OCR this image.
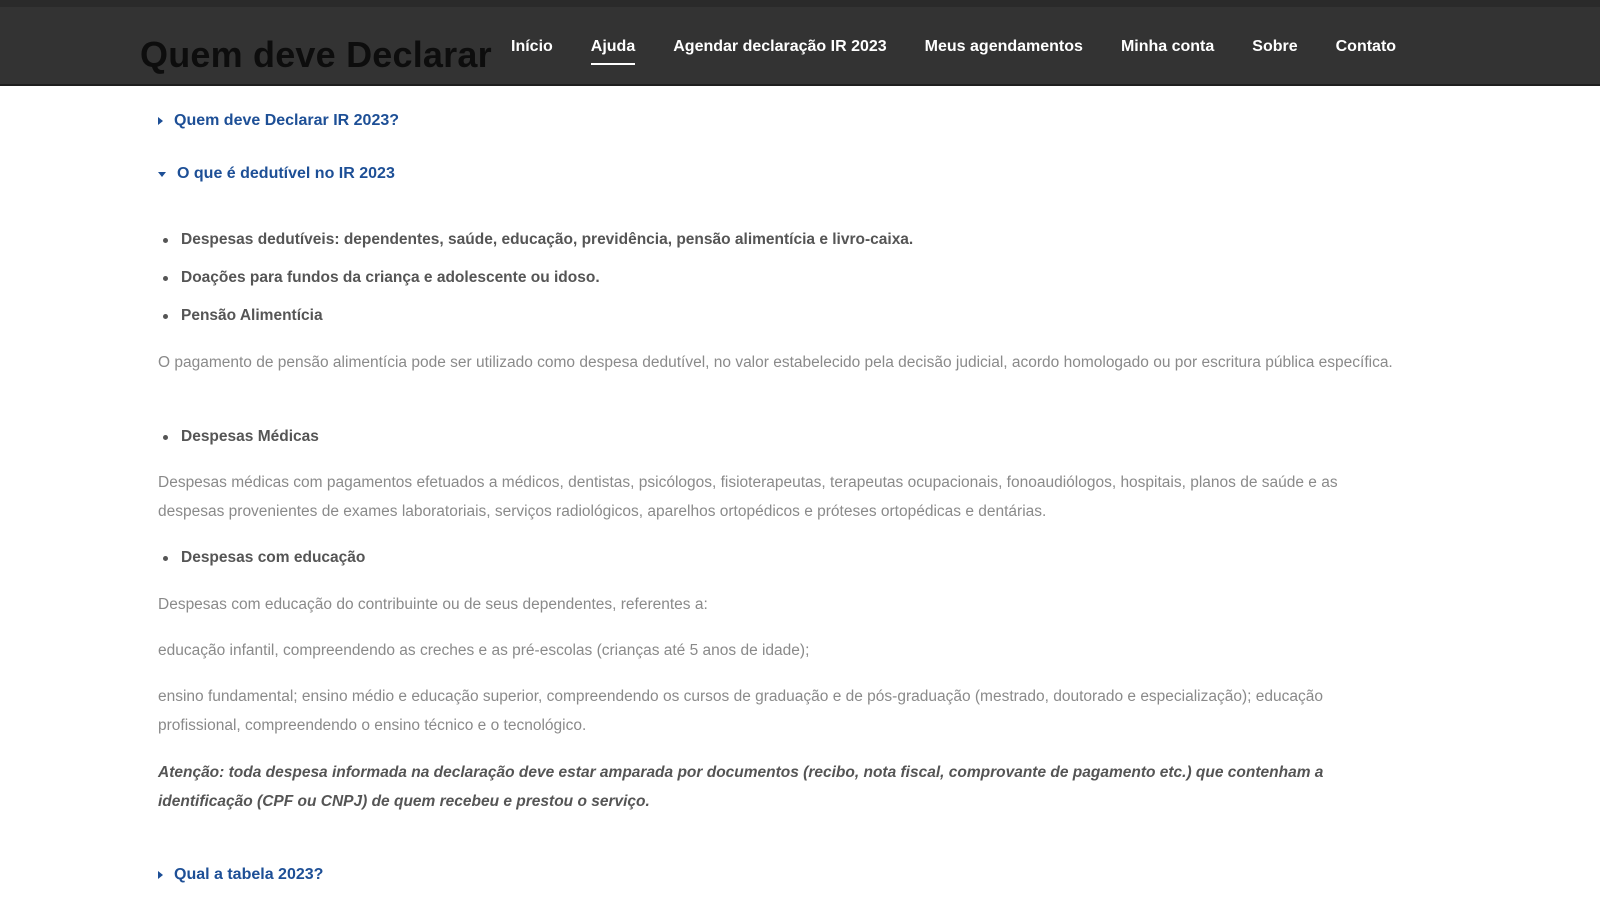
Quem deve Declarar Início Ajuda Agendar declaração IR 2023 Meus agendamentos Minha conta Sobre Contato
Quem deve Declarar IR 2023?
O que é dedutível no IR 2023
Despesas dedutíveis: dependentes, saúde, educação, previdência, pensão alimentícia e livro-caixa.
Doações para fundos da criança e adolescente ou idoso.
Pensão Alimentícia
O pagamento de pensão alimentícia pode ser utilizado como despesa dedutível, no valor estabelecido pela decisão judicial, acordo homologado ou por escritura pública específica.
Despesas Médicas
Despesas médicas com pagamentos efetuados a médicos, dentistas, psicólogos, fisioterapeutas, terapeutas ocupacionais, fonoaudiólogos, hospitais, planos de saúde e as despesas provenientes de exames laboratoriais, serviços radiológicos, aparelhos ortopédicos e próteses ortopédicas e dentárias.
Despesas com educação
Despesas com educação do contribuinte ou de seus dependentes, referentes a:
educação infantil, compreendendo as creches e as pré-escolas (crianças até 5 anos de idade);
ensino fundamental; ensino médio e educação superior, compreendendo os cursos de graduação e de pós-graduação (mestrado, doutorado e especialização); educação profissional, compreendendo o ensino técnico e o tecnológico.
Atenção: toda despesa informada na declaração deve estar amparada por documentos (recibo, nota fiscal, comprovante de pagamento etc.) que contenham a identificação (CPF ou CNPJ) de quem recebeu e prestou o serviço.
Qual a tabela 2023?
